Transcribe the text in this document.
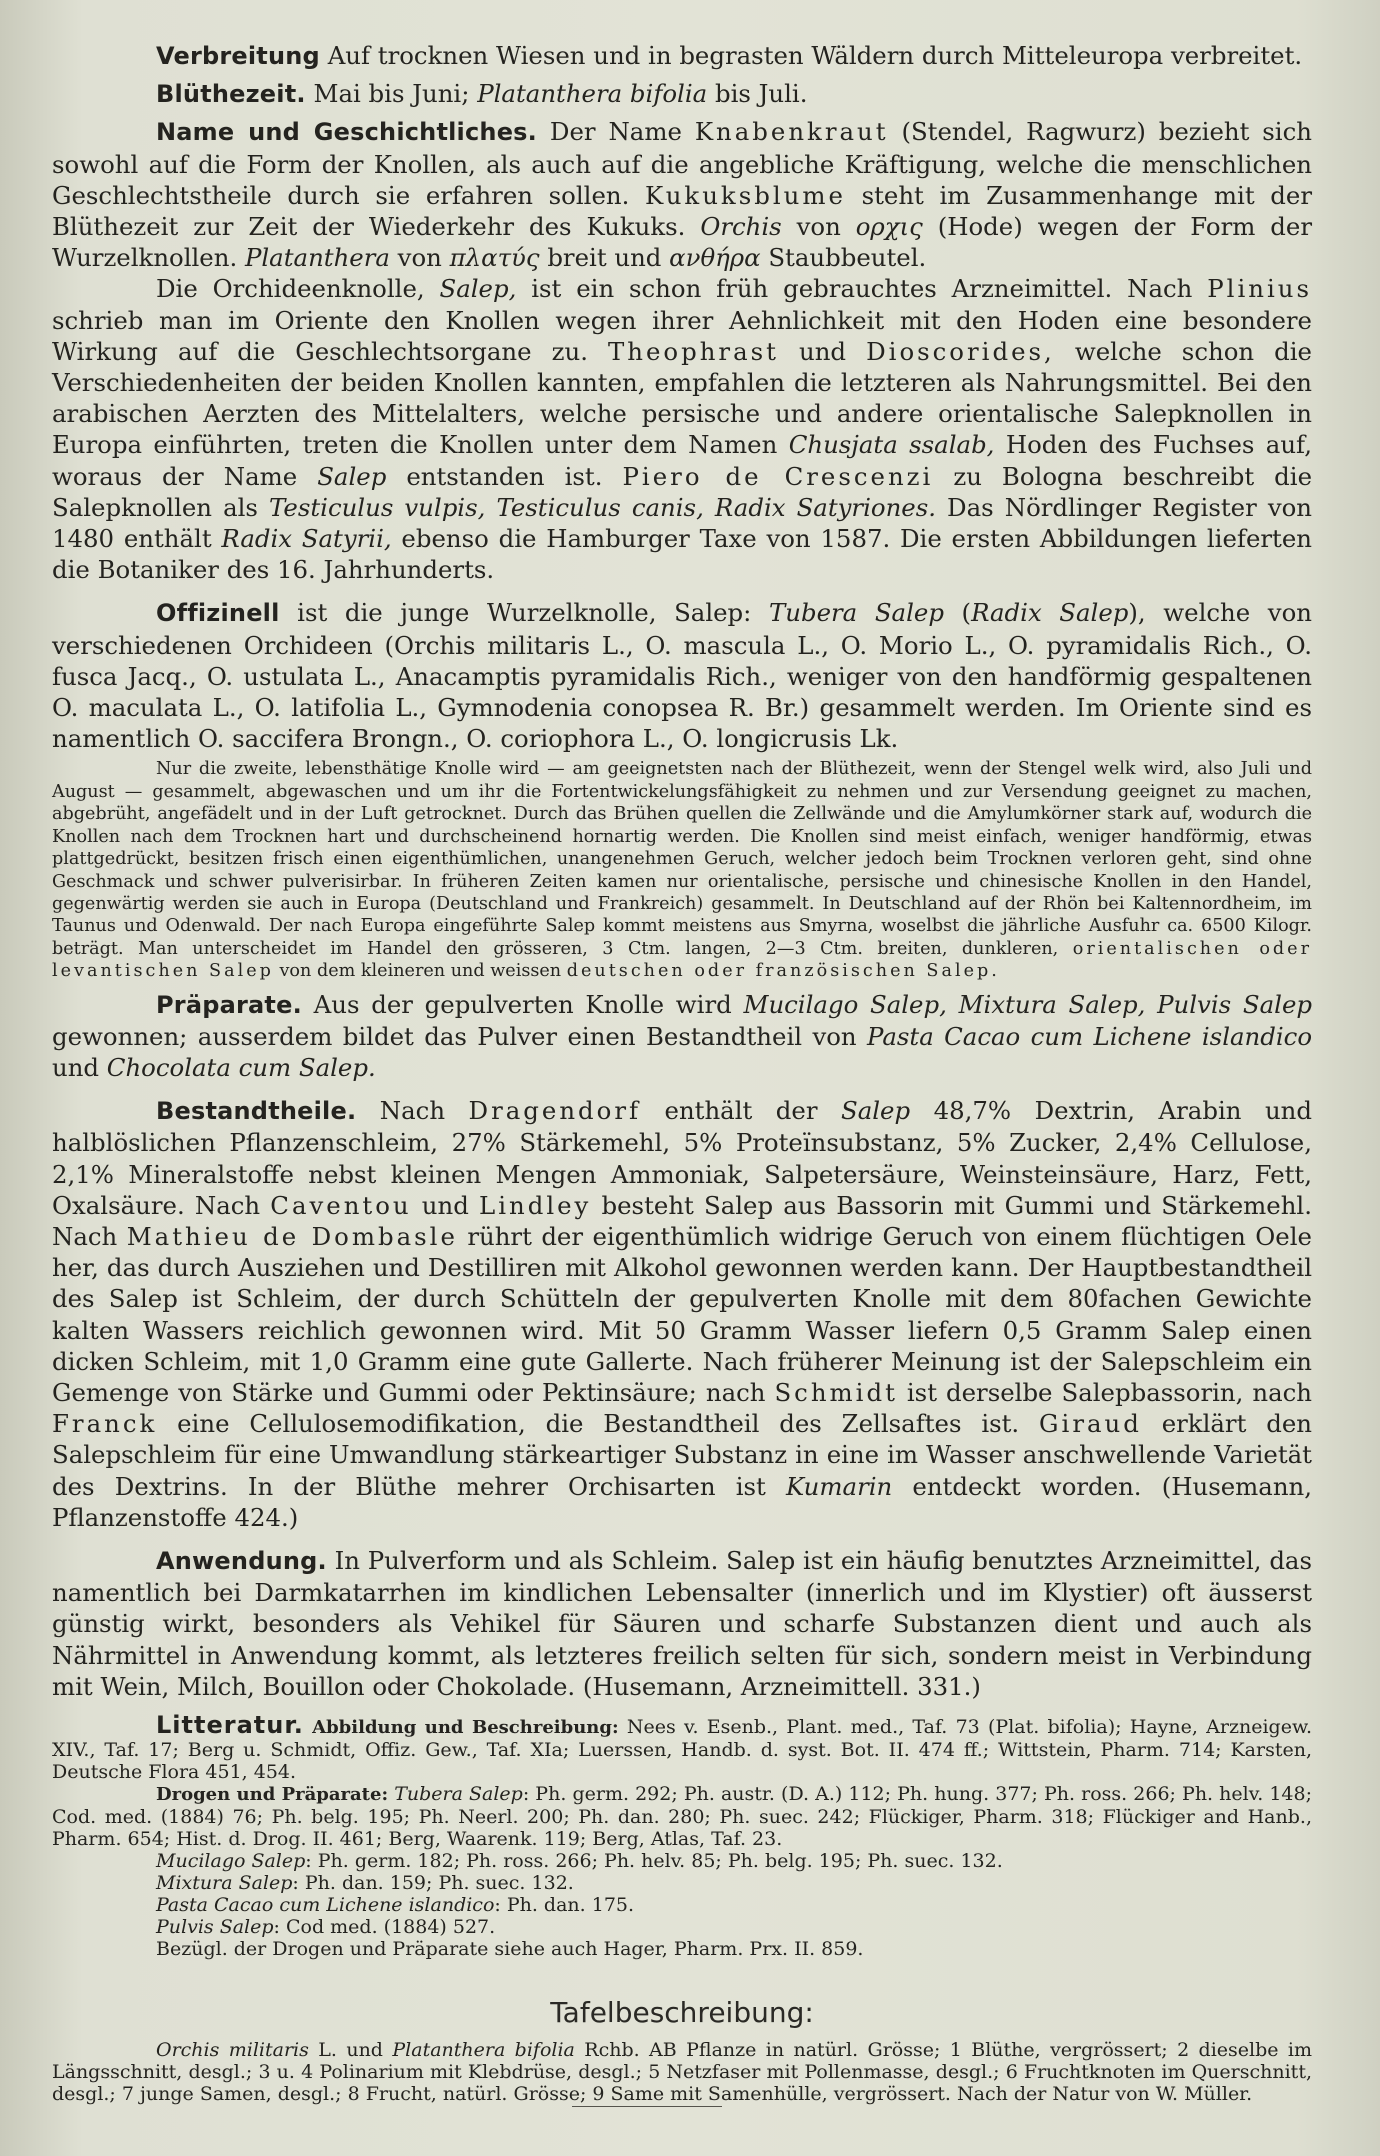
Verbreitung Auf trocknen Wiesen und in begrasten Wäldern durch Mitteleuropa verbreitet.

Blüthezeit. Mai bis Juni; Platanthera bifolia bis Juli.

Name und Geschichtliches. Der Name Knabenkraut (Stendel, Ragwurz) bezieht sich sowohl auf die Form der Knollen, als auch auf die angebliche Kräftigung, welche die menschlichen Geschlechtstheile durch sie erfahren sollen. Kukuksblume steht im Zusammenhange mit der Blüthezeit zur Zeit der Wiederkehr des Kukuks. Orchis von ορχις (Hode) wegen der Form der Wurzelknollen. Platanthera von πλατύς breit und ανθήρα Staubbeutel.

Die Orchideenknolle, Salep, ist ein schon früh gebrauchtes Arzneimittel. Nach Plinius schrieb man im Oriente den Knollen wegen ihrer Aehnlichkeit mit den Hoden eine besondere Wirkung auf die Geschlechtsorgane zu. Theophrast und Dioscorides, welche schon die Verschiedenheiten der beiden Knollen kannten, empfahlen die letzteren als Nahrungsmittel. Bei den arabischen Aerzten des Mittelalters, welche persische und andere orientalische Salepknollen in Europa einführten, treten die Knollen unter dem Namen Chusjata ssalab, Hoden des Fuchses auf, woraus der Name Salep entstanden ist. Piero de Crescenzi zu Bologna beschreibt die Salepknollen als Testiculus vulpis, Testiculus canis, Radix Satyriones. Das Nördlinger Register von 1480 enthält Radix Satyrii, ebenso die Hamburger Taxe von 1587. Die ersten Abbildungen lieferten die Botaniker des 16. Jahrhunderts.

Offizinell ist die junge Wurzelknolle, Salep: Tubera Salep (Radix Salep), welche von verschiedenen Orchideen (Orchis militaris L., O. mascula L., O. Morio L., O. pyramidalis Rich., O. fusca Jacq., O. ustulata L., Anacamptis pyramidalis Rich., weniger von den handförmig gespaltenen O. maculata L., O. latifolia L., Gymnodenia conopsea R. Br.) gesammelt werden. Im Oriente sind es namentlich O. saccifera Brongn., O. coriophora L., O. longicrusis Lk.

Nur die zweite, lebensthätige Knolle wird — am geeignetsten nach der Blüthezeit, wenn der Stengel welk wird, also Juli und August — gesammelt, abgewaschen und um ihr die Fortentwickelungsfähigkeit zu nehmen und zur Versendung geeignet zu machen, abgebrüht, angefädelt und in der Luft getrocknet. Durch das Brühen quellen die Zellwände und die Amylumkörner stark auf, wodurch die Knollen nach dem Trocknen hart und durchscheinend hornartig werden. Die Knollen sind meist einfach, weniger handförmig, etwas plattgedrückt, besitzen frisch einen eigenthümlichen, unangenehmen Geruch, welcher jedoch beim Trocknen verloren geht, sind ohne Geschmack und schwer pulverisirbar. In früheren Zeiten kamen nur orientalische, persische und chinesische Knollen in den Handel, gegenwärtig werden sie auch in Europa (Deutschland und Frankreich) gesammelt. In Deutschland auf der Rhön bei Kaltennordheim, im Taunus und Odenwald. Der nach Europa eingeführte Salep kommt meistens aus Smyrna, woselbst die jährliche Ausfuhr ca. 6500 Kilogr. beträgt. Man unterscheidet im Handel den grösseren, 3 Ctm. langen, 2—3 Ctm. breiten, dunkleren, orientalischen oder levantischen Salep von dem kleineren und weissen deutschen oder französischen Salep.

Präparate. Aus der gepulverten Knolle wird Mucilago Salep, Mixtura Salep, Pulvis Salep gewonnen; ausserdem bildet das Pulver einen Bestandtheil von Pasta Cacao cum Lichene islandico und Chocolata cum Salep.

Bestandtheile. Nach Dragendorf enthält der Salep 48,7% Dextrin, Arabin und halblöslichen Pflanzenschleim, 27% Stärkemehl, 5% Proteïnsubstanz, 5% Zucker, 2,4% Cellulose, 2,1% Mineralstoffe nebst kleinen Mengen Ammoniak, Salpetersäure, Weinsteinsäure, Harz, Fett, Oxalsäure. Nach Caventou und Lindley besteht Salep aus Bassorin mit Gummi und Stärkemehl. Nach Mathieu de Dombasle rührt der eigenthümlich widrige Geruch von einem flüchtigen Oele her, das durch Ausziehen und Destilliren mit Alkohol gewonnen werden kann. Der Hauptbestandtheil des Salep ist Schleim, der durch Schütteln der gepulverten Knolle mit dem 80fachen Gewichte kalten Wassers reichlich gewonnen wird. Mit 50 Gramm Wasser liefern 0,5 Gramm Salep einen dicken Schleim, mit 1,0 Gramm eine gute Gallerte. Nach früherer Meinung ist der Salepschleim ein Gemenge von Stärke und Gummi oder Pektinsäure; nach Schmidt ist derselbe Salepbassorin, nach Franck eine Cellulosemodifikation, die Bestandtheil des Zellsaftes ist. Giraud erklärt den Salepschleim für eine Umwandlung stärkeartiger Substanz in eine im Wasser anschwellende Varietät des Dextrins. In der Blüthe mehrer Orchisarten ist Kumarin entdeckt worden. (Husemann, Pflanzenstoffe 424.)

Anwendung. In Pulverform und als Schleim. Salep ist ein häufig benutztes Arzneimittel, das namentlich bei Darmkatarrhen im kindlichen Lebensalter (innerlich und im Klystier) oft äusserst günstig wirkt, besonders als Vehikel für Säuren und scharfe Substanzen dient und auch als Nährmittel in Anwendung kommt, als letzteres freilich selten für sich, sondern meist in Verbindung mit Wein, Milch, Bouillon oder Chokolade. (Husemann, Arzneimittell. 331.)

Litteratur. Abbildung und Beschreibung: Nees v. Esenb., Plant. med., Taf. 73 (Plat. bifolia); Hayne, Arzneigew. XIV., Taf. 17; Berg u. Schmidt, Offiz. Gew., Taf. XIa; Luerssen, Handb. d. syst. Bot. II. 474 ff.; Wittstein, Pharm. 714; Karsten, Deutsche Flora 451, 454.

Drogen und Präparate: Tubera Salep: Ph. germ. 292; Ph. austr. (D. A.) 112; Ph. hung. 377; Ph. ross. 266; Ph. helv. 148; Cod. med. (1884) 76; Ph. belg. 195; Ph. Neerl. 200; Ph. dan. 280; Ph. suec. 242; Flückiger, Pharm. 318; Flückiger and Hanb., Pharm. 654; Hist. d. Drog. II. 461; Berg, Waarenk. 119; Berg, Atlas, Taf. 23.

Mucilago Salep: Ph. germ. 182; Ph. ross. 266; Ph. helv. 85; Ph. belg. 195; Ph. suec. 132.

Mixtura Salep: Ph. dan. 159; Ph. suec. 132.

Pasta Cacao cum Lichene islandico: Ph. dan. 175.

Pulvis Salep: Cod med. (1884) 527.

Bezügl. der Drogen und Präparate siehe auch Hager, Pharm. Prx. II. 859.

Tafelbeschreibung:

Orchis militaris L. und Platanthera bifolia Rchb. AB Pflanze in natürl. Grösse; 1 Blüthe, vergrössert; 2 dieselbe im Längsschnitt, desgl.; 3 u. 4 Polinarium mit Klebdrüse, desgl.; 5 Netzfaser mit Pollenmasse, desgl.; 6 Fruchtknoten im Querschnitt, desgl.; 7 junge Samen, desgl.; 8 Frucht, natürl. Grösse; 9 Same mit Samenhülle, vergrössert. Nach der Natur von W. Müller.
